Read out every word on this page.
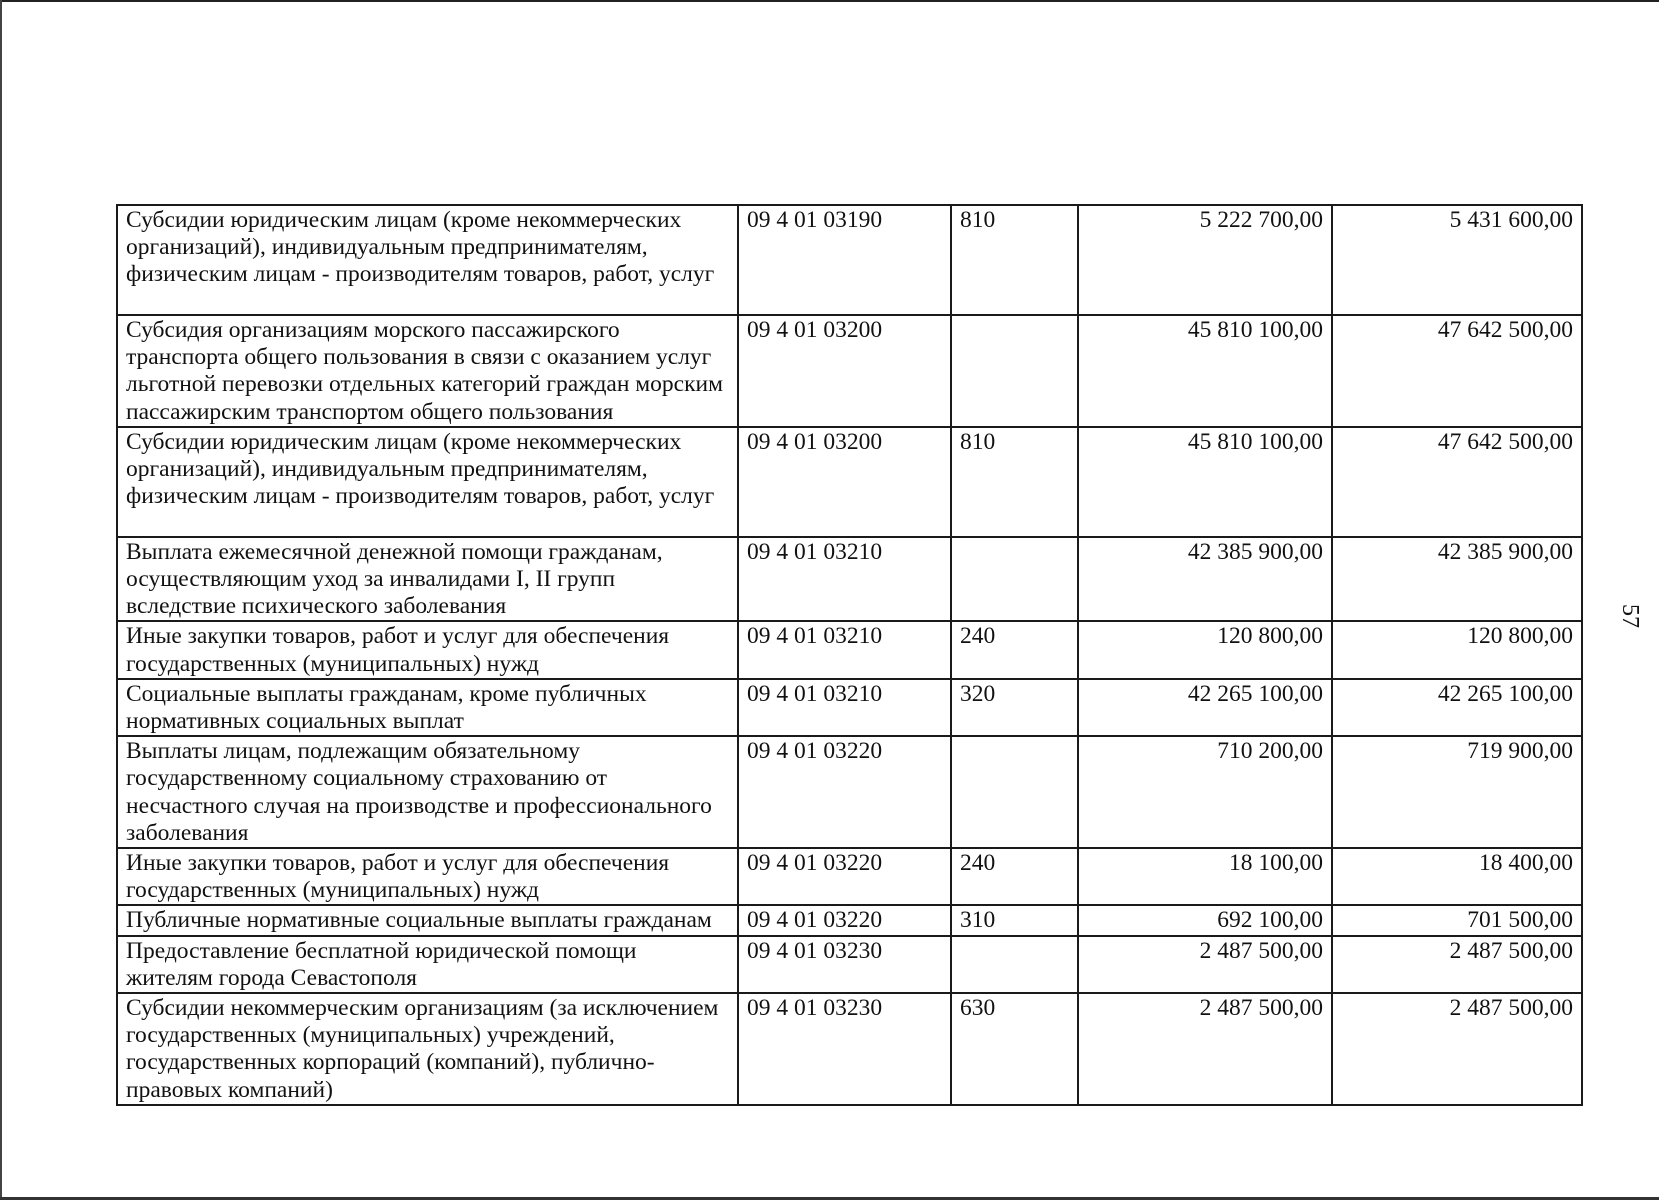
57
Субсидии юридическим лицам (кроме некоммерческих организаций), индивидуальным предпринимателям, физическим лицам - производителям товаров, работ, услуг	09 4 01 03190	810	5 222 700,00	5 431 600,00
Субсидия организациям морского пассажирского транспорта общего пользования в связи с оказанием услуг льготной перевозки отдельных категорий граждан морским пассажирским транспортом общего пользования	09 4 01 03200		45 810 100,00	47 642 500,00
Субсидии юридическим лицам (кроме некоммерческих организаций), индивидуальным предпринимателям, физическим лицам - производителям товаров, работ, услуг	09 4 01 03200	810	45 810 100,00	47 642 500,00
Выплата ежемесячной денежной помощи гражданам, осуществляющим уход за инвалидами I, II групп вследствие психического заболевания	09 4 01 03210		42 385 900,00	42 385 900,00
Иные закупки товаров, работ и услуг для обеспечения государственных (муниципальных) нужд	09 4 01 03210	240	120 800,00	120 800,00
Социальные выплаты гражданам, кроме публичных нормативных социальных выплат	09 4 01 03210	320	42 265 100,00	42 265 100,00
Выплаты лицам, подлежащим обязательному государственному социальному страхованию от несчастного случая на производстве и профессионального заболевания	09 4 01 03220		710 200,00	719 900,00
Иные закупки товаров, работ и услуг для обеспечения государственных (муниципальных) нужд	09 4 01 03220	240	18 100,00	18 400,00
Публичные нормативные социальные выплаты гражданам	09 4 01 03220	310	692 100,00	701 500,00
Предоставление бесплатной юридической помощи жителям города Севастополя	09 4 01 03230		2 487 500,00	2 487 500,00
Субсидии некоммерческим организациям (за исключением государственных (муниципальных) учреждений, государственных корпораций (компаний), публично-правовых компаний)	09 4 01 03230	630	2 487 500,00	2 487 500,00
